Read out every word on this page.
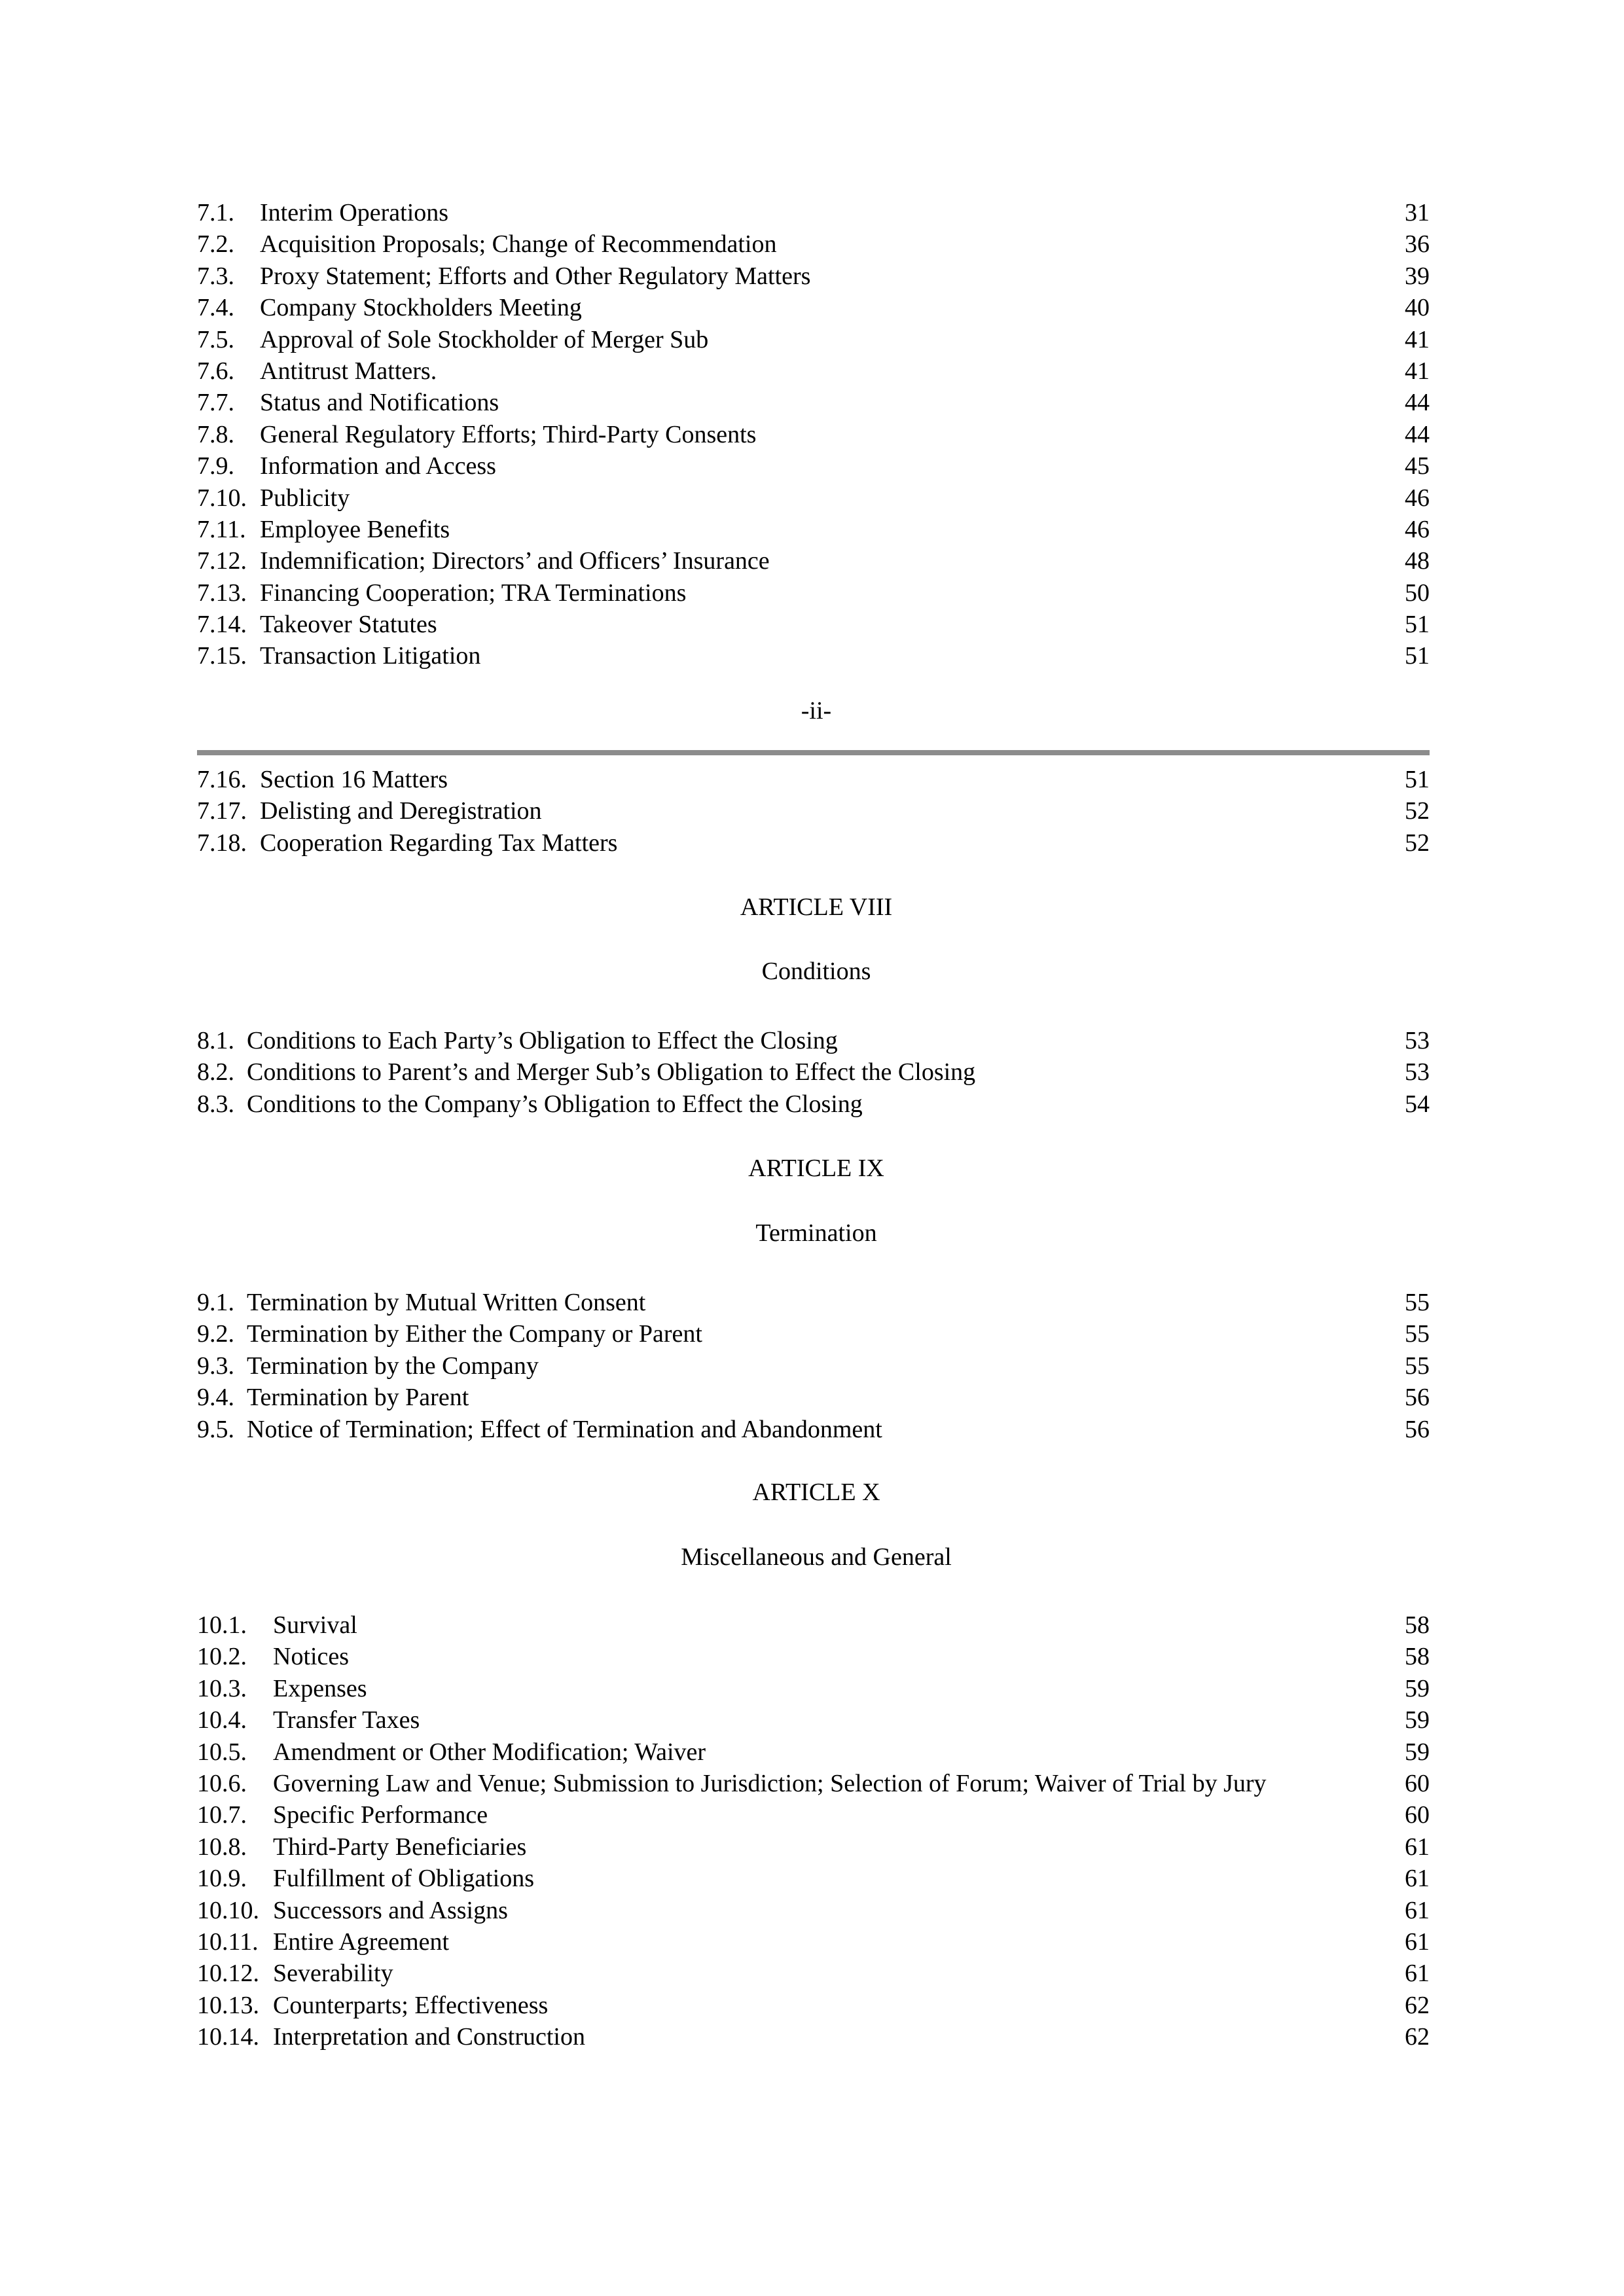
7.1. Interim Operations	31
7.2. Acquisition Proposals; Change of Recommendation	36
7.3. Proxy Statement; Efforts and Other Regulatory Matters	39
7.4. Company Stockholders Meeting	40
7.5. Approval of Sole Stockholder of Merger Sub	41
7.6. Antitrust Matters.	41
7.7. Status and Notifications	44
7.8. General Regulatory Efforts; Third-Party Consents	44
7.9. Information and Access	45
7.10. Publicity	46
7.11. Employee Benefits	46
7.12. Indemnification; Directors’ and Officers’ Insurance	48
7.13. Financing Cooperation; TRA Terminations	50
7.14. Takeover Statutes	51
7.15. Transaction Litigation	51
-ii-
7.16. Section 16 Matters	51
7.17. Delisting and Deregistration	52
7.18. Cooperation Regarding Tax Matters	52
ARTICLE VIII
Conditions
8.1. Conditions to Each Party’s Obligation to Effect the Closing	53
8.2. Conditions to Parent’s and Merger Sub’s Obligation to Effect the Closing	53
8.3. Conditions to the Company’s Obligation to Effect the Closing	54
ARTICLE IX
Termination
9.1. Termination by Mutual Written Consent	55
9.2. Termination by Either the Company or Parent	55
9.3. Termination by the Company	55
9.4. Termination by Parent	56
9.5. Notice of Termination; Effect of Termination and Abandonment	56
ARTICLE X
Miscellaneous and General
10.1. Survival	58
10.2. Notices	58
10.3. Expenses	59
10.4. Transfer Taxes	59
10.5. Amendment or Other Modification; Waiver	59
10.6. Governing Law and Venue; Submission to Jurisdiction; Selection of Forum; Waiver of Trial by Jury	60
10.7. Specific Performance	60
10.8. Third-Party Beneficiaries	61
10.9. Fulfillment of Obligations	61
10.10. Successors and Assigns	61
10.11. Entire Agreement	61
10.12. Severability	61
10.13. Counterparts; Effectiveness	62
10.14. Interpretation and Construction	62
